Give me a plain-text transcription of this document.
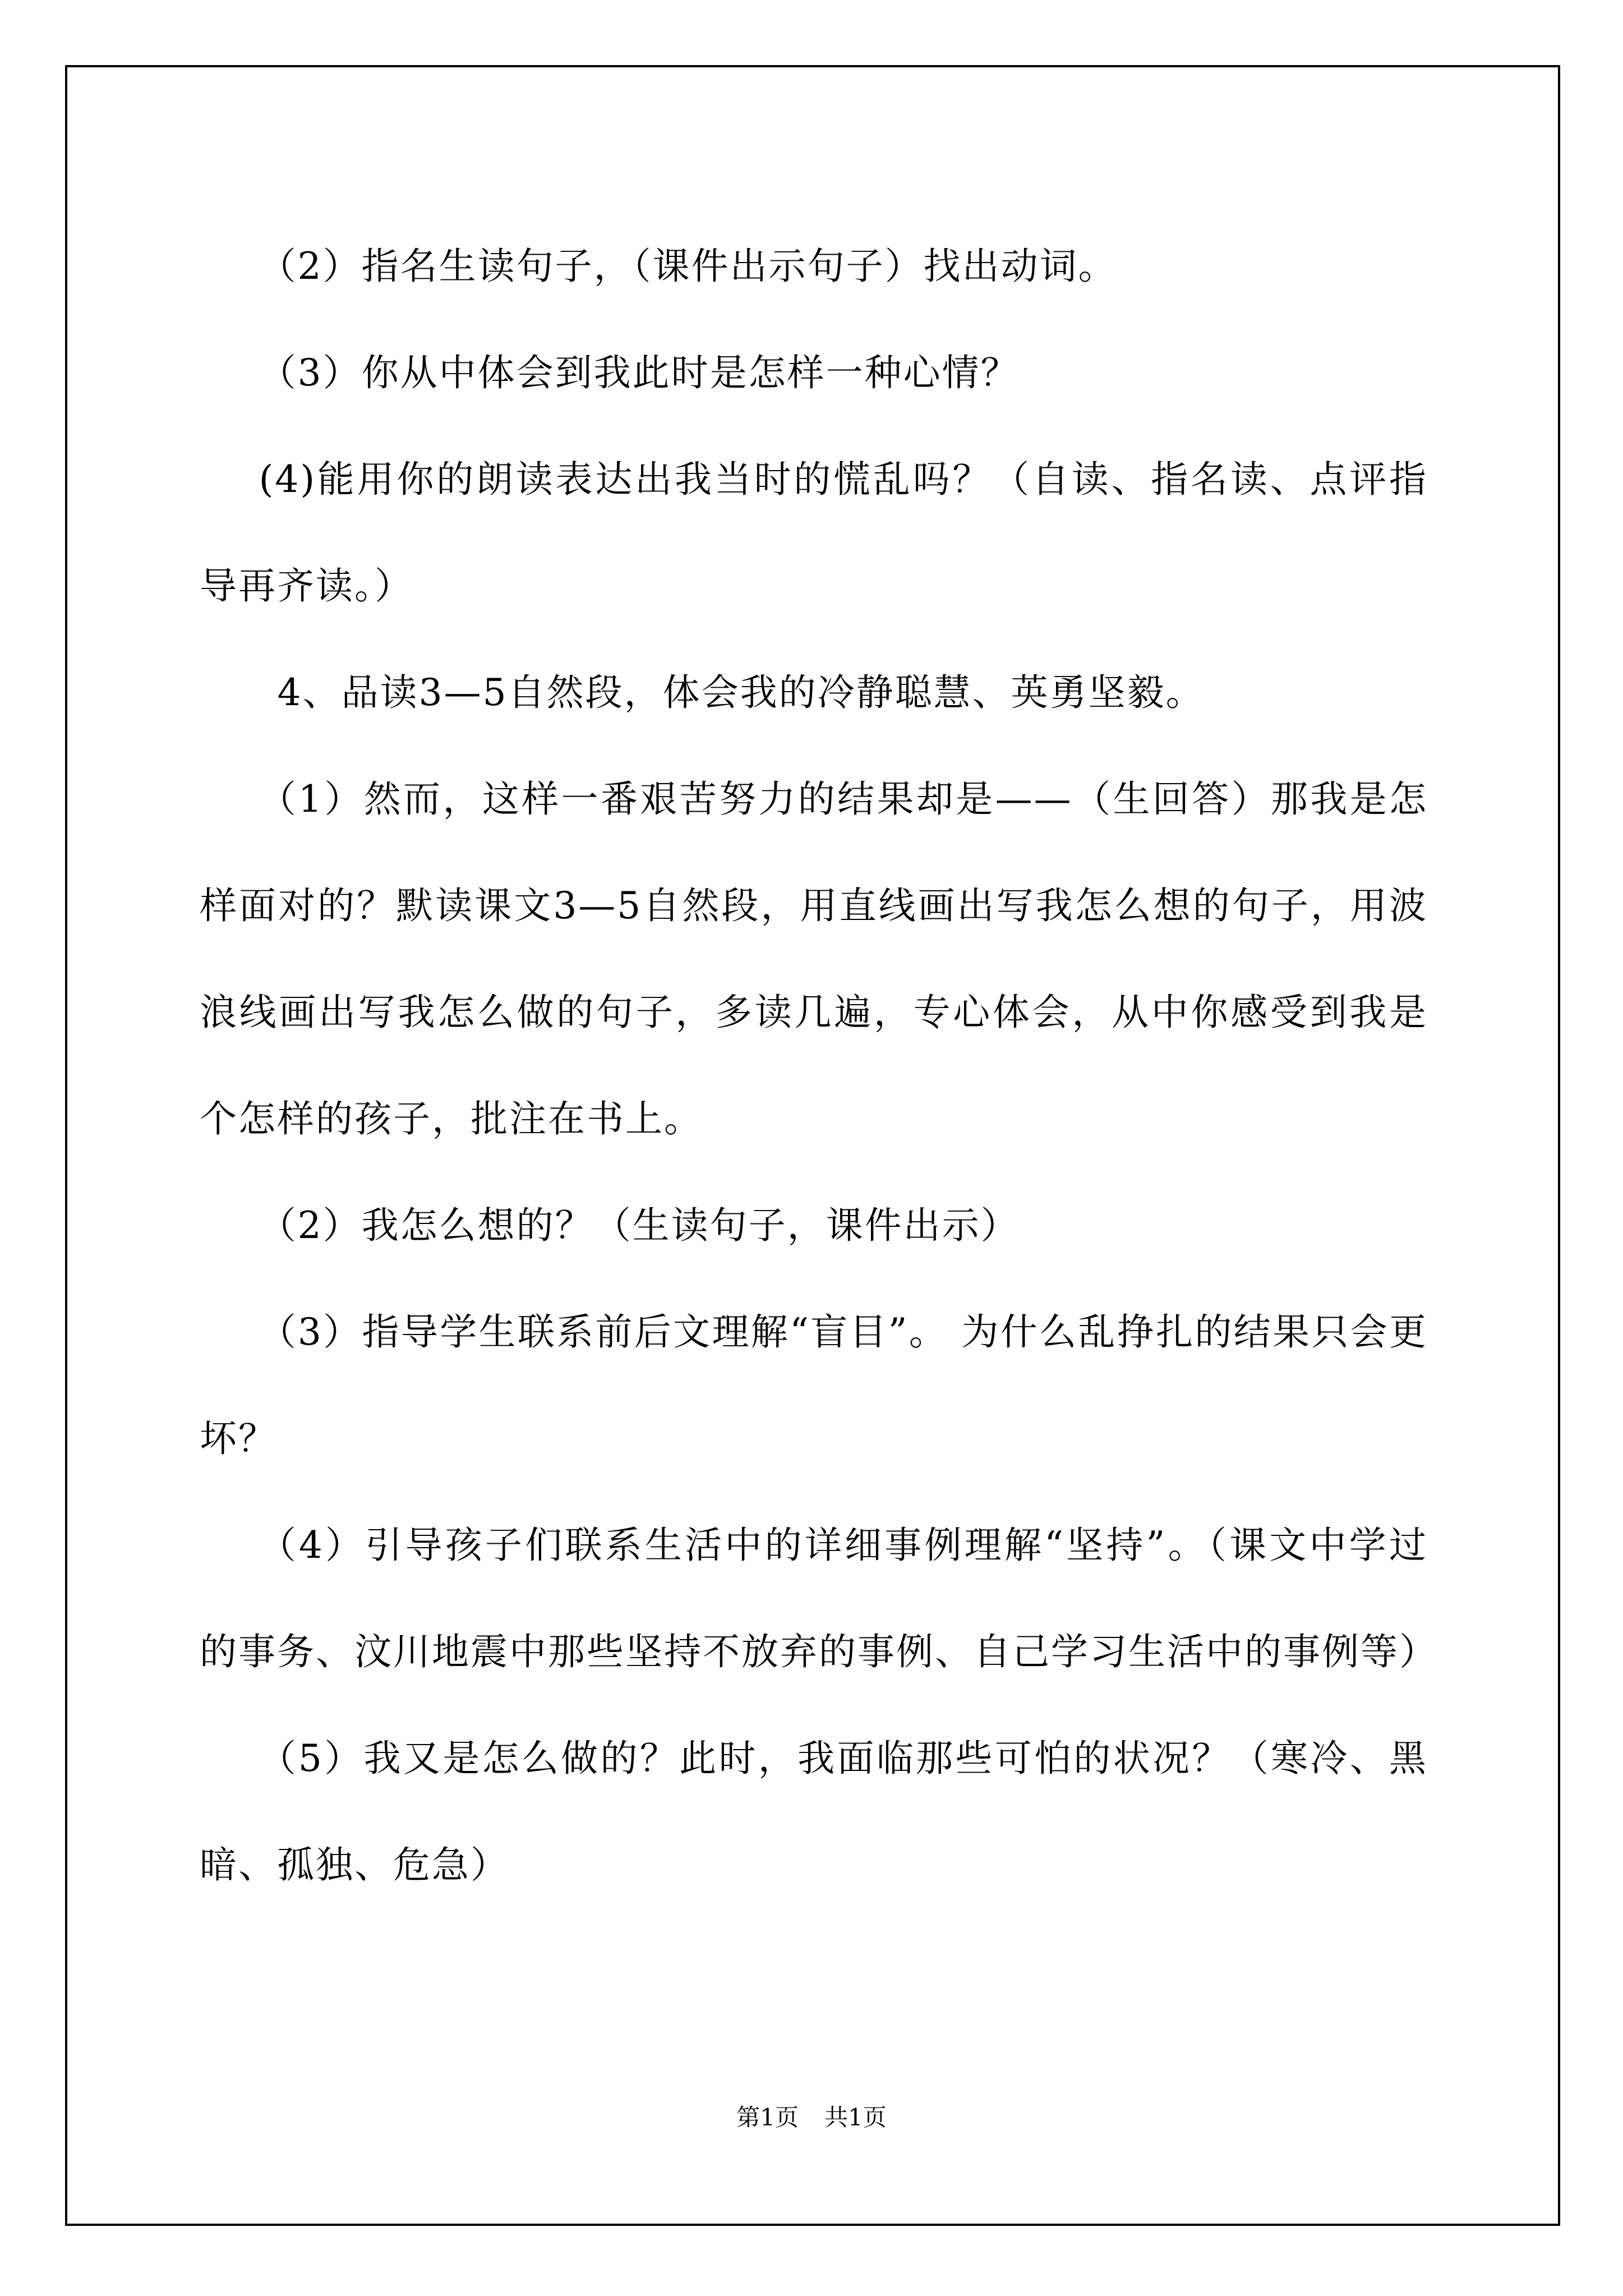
（2）指名生读句子，（课件出示句子）找出动词。

（3）你从中体会到我此时是怎样一种心情？

(4)能用你的朗读表达出我当时的慌乱吗？（自读、指名读、点评指导再齐读。）

4、品读3—5自然段，体会我的冷静聪慧、英勇坚毅。

（1）然而，这样一番艰苦努力的结果却是——（生回答）那我是怎样面对的？默读课文3—5自然段，用直线画出写我怎么想的句子，用波浪线画出写我怎么做的句子，多读几遍，专心体会，从中你感受到我是个怎样的孩子，批注在书上。

（2）我怎么想的？（生读句子，课件出示）

（3）指导学生联系前后文理解“盲目”。 为什么乱挣扎的结果只会更坏？

（4）引导孩子们联系生活中的详细事例理解“坚持”。（课文中学过的事务、汶川地震中那些坚持不放弃的事例、自己学习生活中的事例等）

（5）我又是怎么做的？此时，我面临那些可怕的状况？（寒冷、黑暗、孤独、危急）

第1页 共1页
